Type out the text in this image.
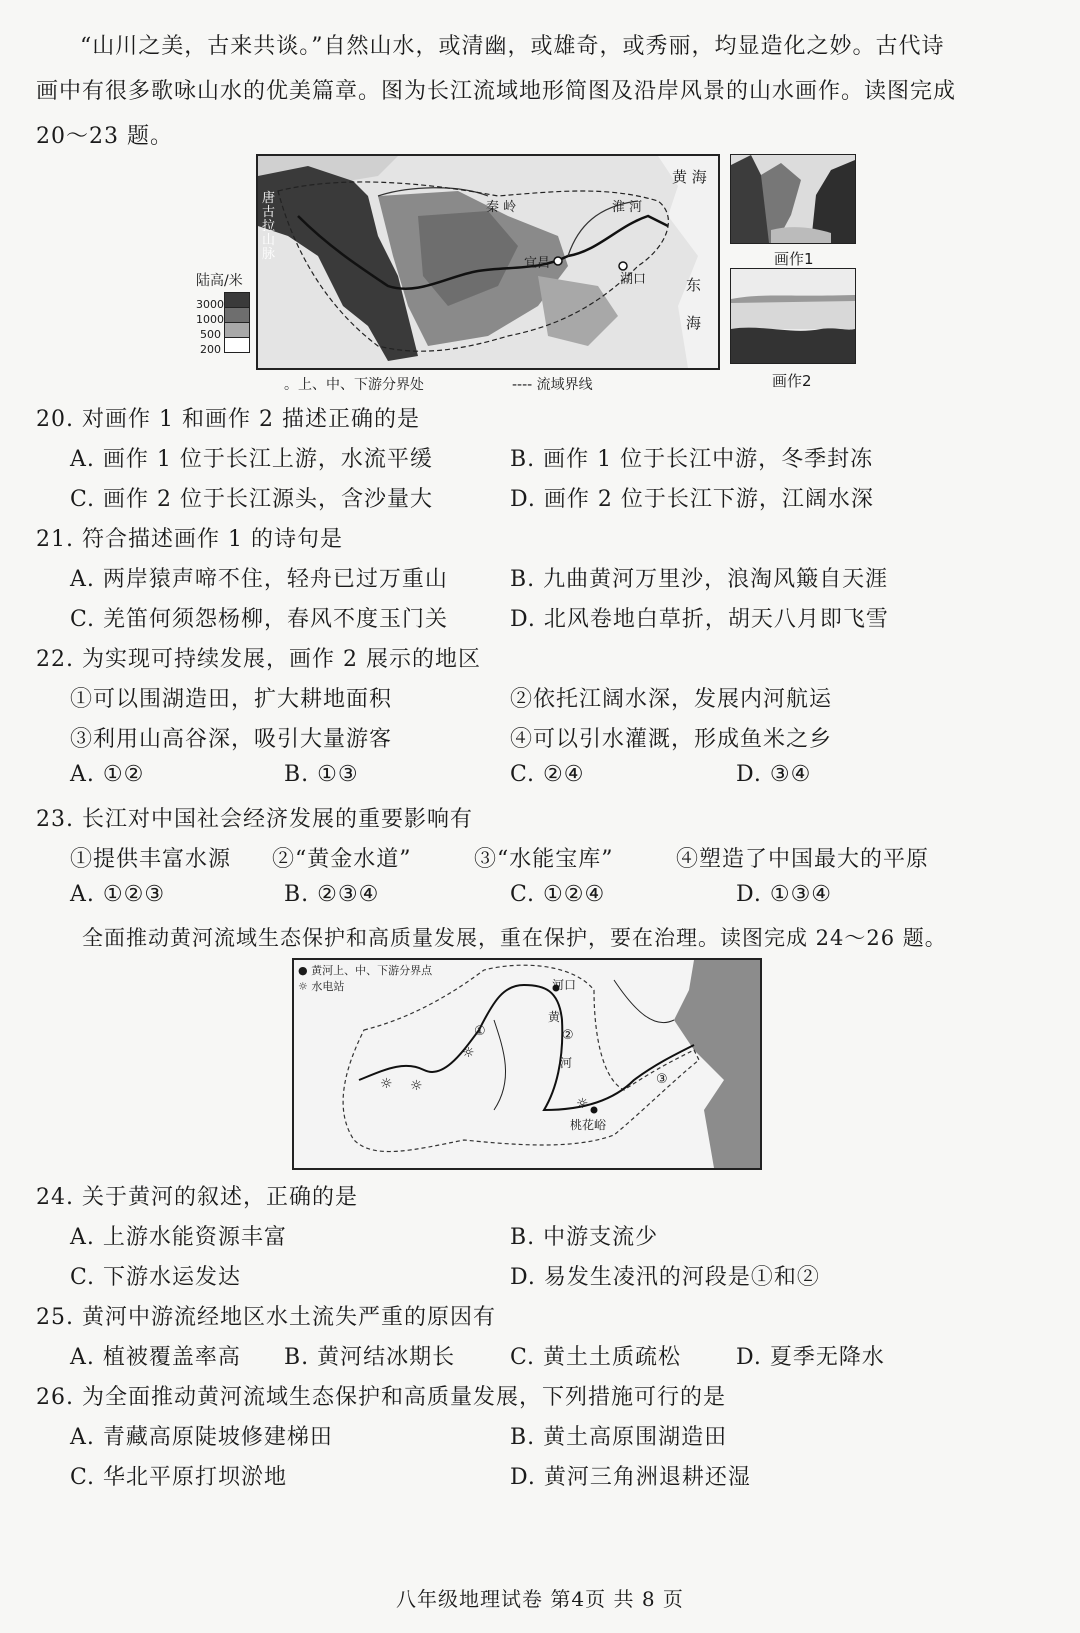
“山川之美，古来共谈。”自然山水，或清幽，或雄奇，或秀丽，均显造化之妙。古代诗
画中有很多歌咏山水的优美篇章。图为长江流域地形简图及沿岸风景的山水画作。读图完成
20～23 题。
唐古拉山脉
秦 岭	淮 河
黄 海
东 海
宜昌
湖口
陆高/米
3000
1000
500
200
。上、中、下游分界处	---- 流域界线
画作1
画作2
20. 对画作 1 和画作 2 描述正确的是
A. 画作 1 位于长江上游，水流平缓	B. 画作 1 位于长江中游，冬季封冻
C. 画作 2 位于长江源头，含沙量大	D. 画作 2 位于长江下游，江阔水深
21. 符合描述画作 1 的诗句是
A. 两岸猿声啼不住，轻舟已过万重山	B. 九曲黄河万里沙，浪淘风簸自天涯
C. 羌笛何须怨杨柳，春风不度玉门关	D. 北风卷地白草折，胡天八月即飞雪
22. 为实现可持续发展，画作 2 展示的地区
①可以围湖造田，扩大耕地面积	②依托江阔水深，发展内河航运
③利用山高谷深，吸引大量游客	④可以引水灌溉，形成鱼米之乡
A. ①②	B. ①③	C. ②④	D. ③④
23. 长江对中国社会经济发展的重要影响有
①提供丰富水源 ②“黄金水道”	③“水能宝库”	④塑造了中国最大的平原
A. ①②③	B. ②③④	C. ①②④	D. ①③④
全面推动黄河流域生态保护和高质量发展，重在保护，要在治理。读图完成 24～26 题。
☼
☼ ☼
☼
● 黄河上、中、下游分界点
☼ 水电站	河口
黄
河
桃花峪
①	②
③
24. 关于黄河的叙述，正确的是
A. 上游水能资源丰富	B. 中游支流少
C. 下游水运发达	D. 易发生凌汛的河段是①和②
25. 黄河中游流经地区水土流失严重的原因有
A. 植被覆盖率高 B. 黄河结冰期长 C. 黄土土质疏松 D. 夏季无降水
26. 为全面推动黄河流域生态保护和高质量发展，下列措施可行的是
A. 青藏高原陡坡修建梯田	B. 黄土高原围湖造田
C. 华北平原打坝淤地	D. 黄河三角洲退耕还湿
八年级地理试卷 第4页 共 8 页
